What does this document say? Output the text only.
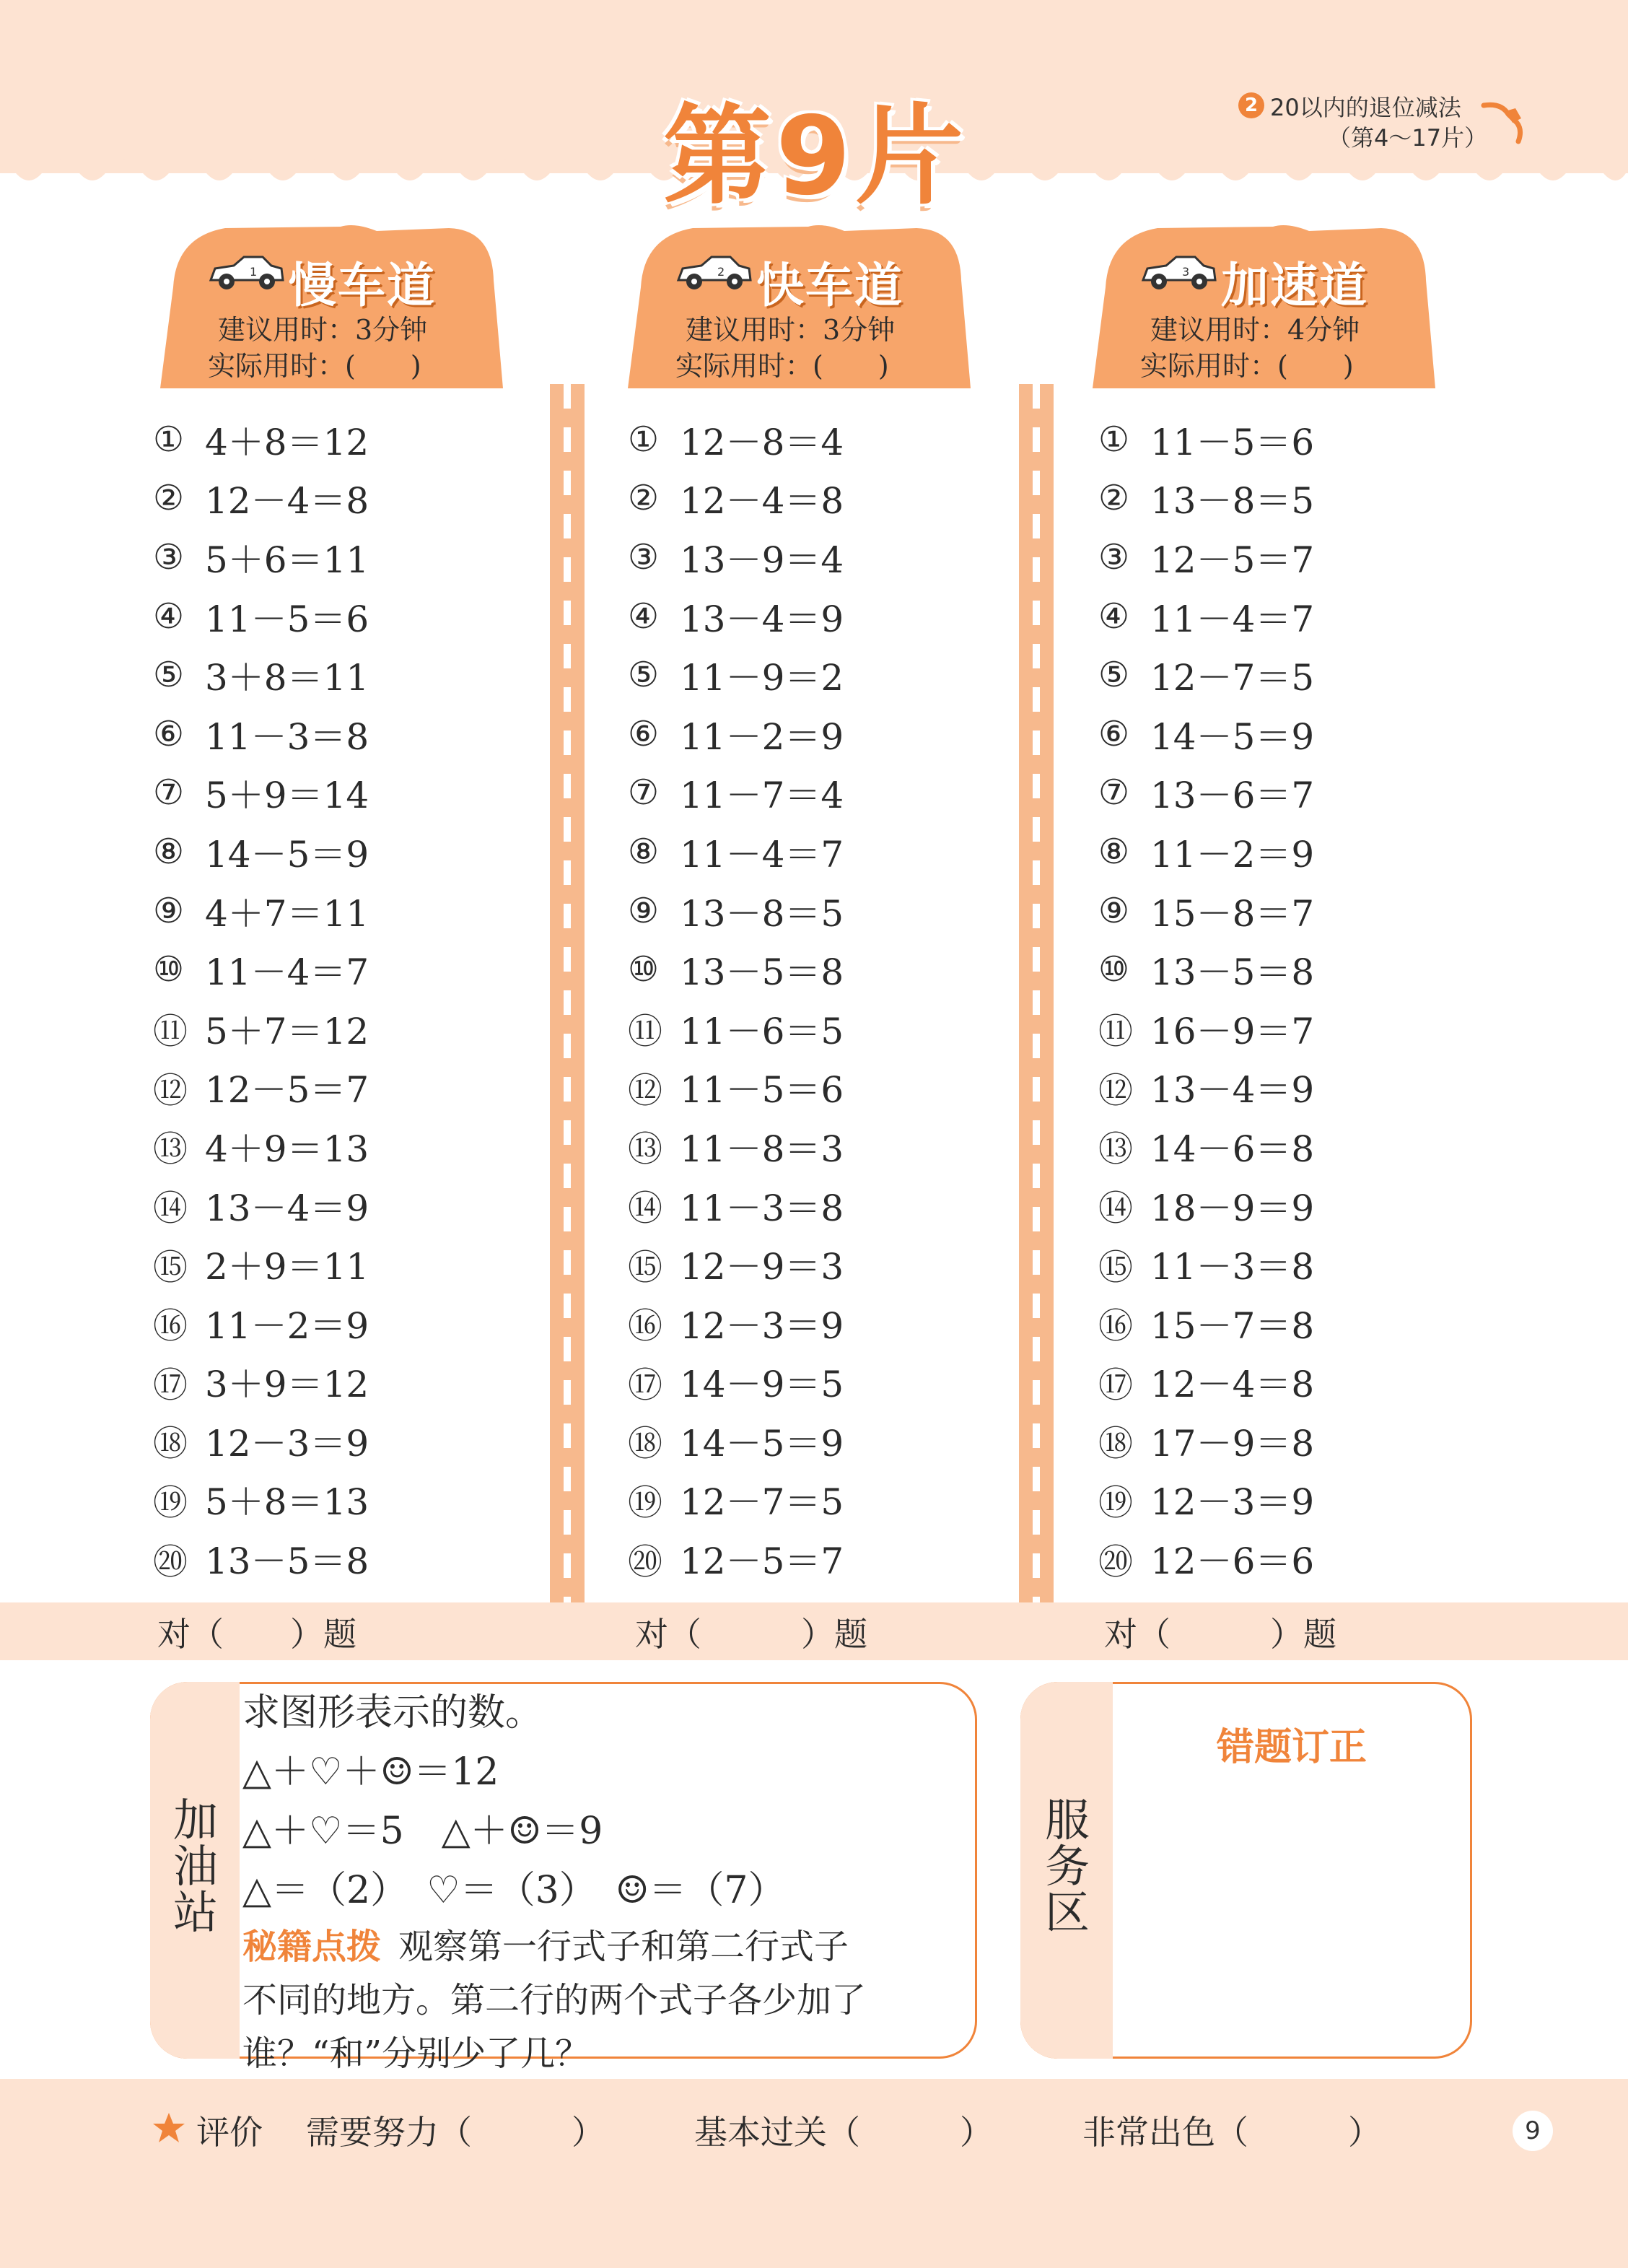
第9片	2 20以内的退位减法
（第4～17片）
1 慢车道
建议用时：3分钟
实际用时：(　　)
2 快车道
建议用时：3分钟
实际用时：(　　)
3 加速道
建议用时：4分钟
实际用时：(　　)
① 4＋8＝12
② 12－4＝8
③ 5＋6＝11
④ 11－5＝6
⑤ 3＋8＝11
⑥ 11－3＝8
⑦ 5＋9＝14
⑧ 14－5＝9
⑨ 4＋7＝11
⑩ 11－4＝7
⑪ 5＋7＝12
⑫ 12－5＝7
⑬ 4＋9＝13
⑭ 13－4＝9
⑮ 2＋9＝11
⑯ 11－2＝9
⑰ 3＋9＝12
⑱ 12－3＝9
⑲ 5＋8＝13
⑳ 13－5＝8
① 12－8＝4
② 12－4＝8
③ 13－9＝4
④ 13－4＝9
⑤ 11－9＝2
⑥ 11－2＝9
⑦ 11－7＝4
⑧ 11－4＝7
⑨ 13－8＝5
⑩ 13－5＝8
⑪ 11－6＝5
⑫ 11－5＝6
⑬ 11－8＝3
⑭ 11－3＝8
⑮ 12－9＝3
⑯ 12－3＝9
⑰ 14－9＝5
⑱ 14－5＝9
⑲ 12－7＝5
⑳ 12－5＝7
① 11－5＝6
② 13－8＝5
③ 12－5＝7
④ 11－4＝7
⑤ 12－7＝5
⑥ 14－5＝9
⑦ 13－6＝7
⑧ 11－2＝9
⑨ 15－8＝7
⑩ 13－5＝8
⑪ 16－9＝7
⑫ 13－4＝9
⑬ 14－6＝8
⑭ 18－9＝9
⑮ 11－3＝8
⑯ 15－7＝8
⑰ 12－4＝8
⑱ 17－9＝8
⑲ 12－3＝9
⑳ 12－6＝6
对（　　）题	对（　　　）题	对（　　　）题
加油站
求图形表示的数。
△＋♡＋☺＝12
△＋♡＝5　△＋☺＝9
△＝（2）　♡＝（3）　☺＝（7）
秘籍点拨 观察第一行式子和第二行式子
不同的地方。第二行的两个式子各少加了
谁？“和”分别少了几？
服务区
错题订正
评价 需要努力（　　　）	基本过关（　　　）	非常出色（　　　）	9
